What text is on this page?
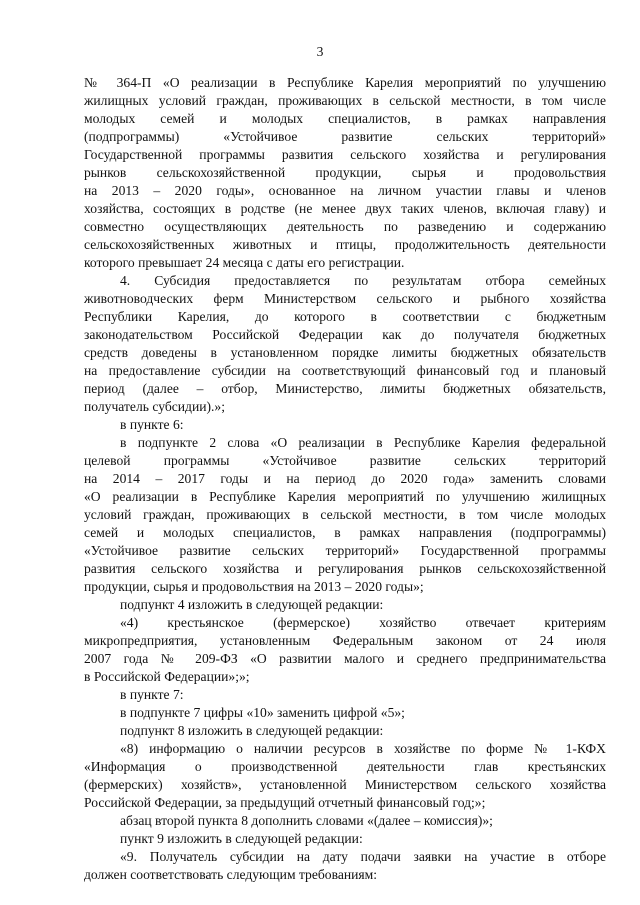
3
№ 364-П «О реализации в Республике Карелия мероприятий по улучшению
жилищных условий граждан, проживающих в сельской местности, в том числе
молодых семей и молодых специалистов, в рамках направления
(подпрограммы) «Устойчивое развитие сельских территорий»
Государственной программы развития сельского хозяйства и регулирования
рынков сельскохозяйственной продукции, сырья и продовольствия
на 2013 – 2020 годы», основанное на личном участии главы и членов
хозяйства, состоящих в родстве (не менее двух таких членов, включая главу) и
совместно осуществляющих деятельность по разведению и содержанию
сельскохозяйственных животных и птицы, продолжительность деятельности
которого превышает 24 месяца с даты его регистрации.
4. Субсидия предоставляется по результатам отбора семейных
животноводческих ферм Министерством сельского и рыбного хозяйства
Республики Карелия, до которого в соответствии с бюджетным
законодательством Российской Федерации как до получателя бюджетных
средств доведены в установленном порядке лимиты бюджетных обязательств
на предоставление субсидии на соответствующий финансовый год и плановый
период (далее – отбор, Министерство, лимиты бюджетных обязательств,
получатель субсидии).»;
в пункте 6:
в подпункте 2 слова «О реализации в Республике Карелия федеральной
целевой программы «Устойчивое развитие сельских территорий
на 2014 – 2017 годы и на период до 2020 года» заменить словами
«О реализации в Республике Карелия мероприятий по улучшению жилищных
условий граждан, проживающих в сельской местности, в том числе молодых
семей и молодых специалистов, в рамках направления (подпрограммы)
«Устойчивое развитие сельских территорий» Государственной программы
развития сельского хозяйства и регулирования рынков сельскохозяйственной
продукции, сырья и продовольствия на 2013 – 2020 годы»;
подпункт 4 изложить в следующей редакции:
«4) крестьянское (фермерское) хозяйство отвечает критериям
микропредприятия, установленным Федеральным законом от 24 июля
2007 года № 209-ФЗ «О развитии малого и среднего предпринимательства
в Российской Федерации»;»;
в пункте 7:
в подпункте 7 цифры «10» заменить цифрой «5»;
подпункт 8 изложить в следующей редакции:
«8) информацию о наличии ресурсов в хозяйстве по форме № 1-КФХ
«Информация о производственной деятельности глав крестьянских
(фермерских) хозяйств», установленной Министерством сельского хозяйства
Российской Федерации, за предыдущий отчетный финансовый год;»;
абзац второй пункта 8 дополнить словами «(далее – комиссия)»;
пункт 9 изложить в следующей редакции:
«9. Получатель субсидии на дату подачи заявки на участие в отборе
должен соответствовать следующим требованиям:
